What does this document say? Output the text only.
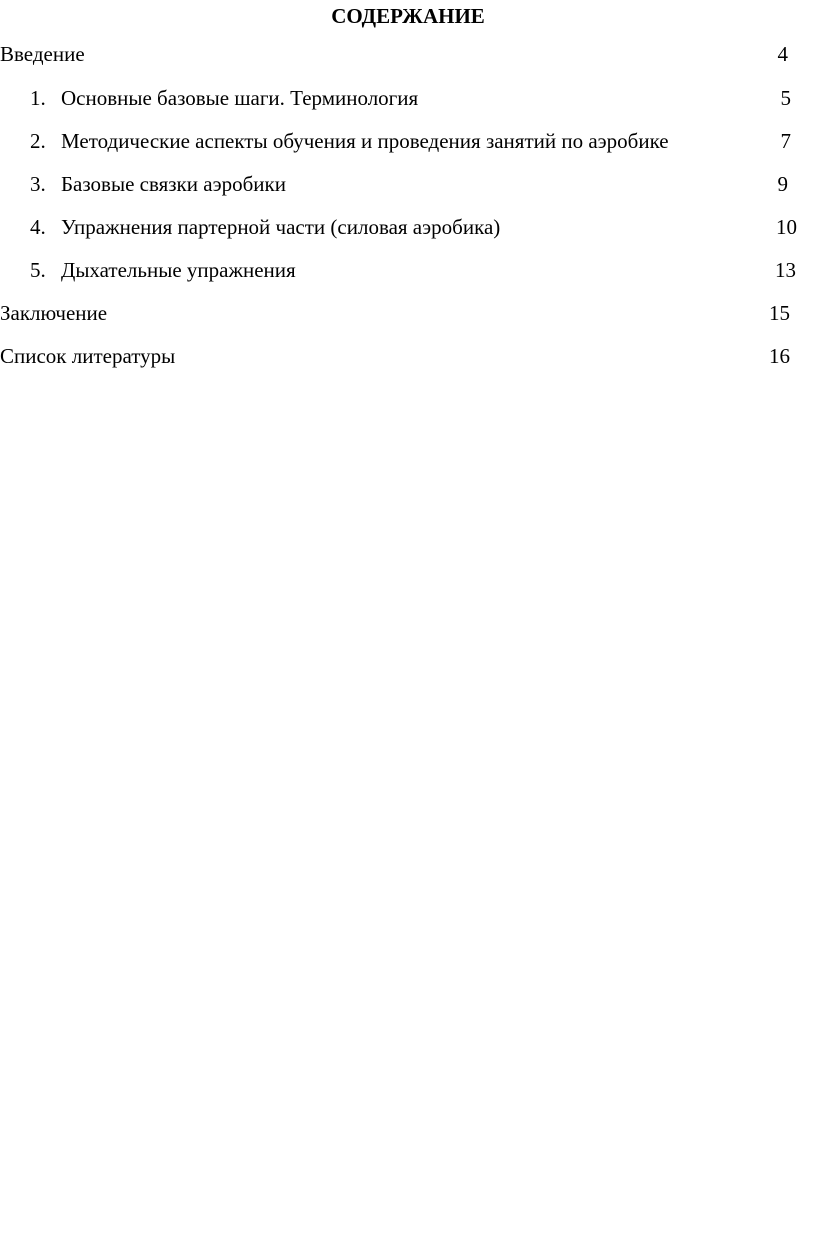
СОДЕРЖАНИЕ
Введение	4
1. Основные базовые шаги. Терминология	5
2. Методические аспекты обучения и проведения занятий по аэробике	7
3. Базовые связки аэробики	9
4. Упражнения партерной части (силовая аэробика)	10
5. Дыхательные упражнения	13
Заключение	15
Список литературы	16
